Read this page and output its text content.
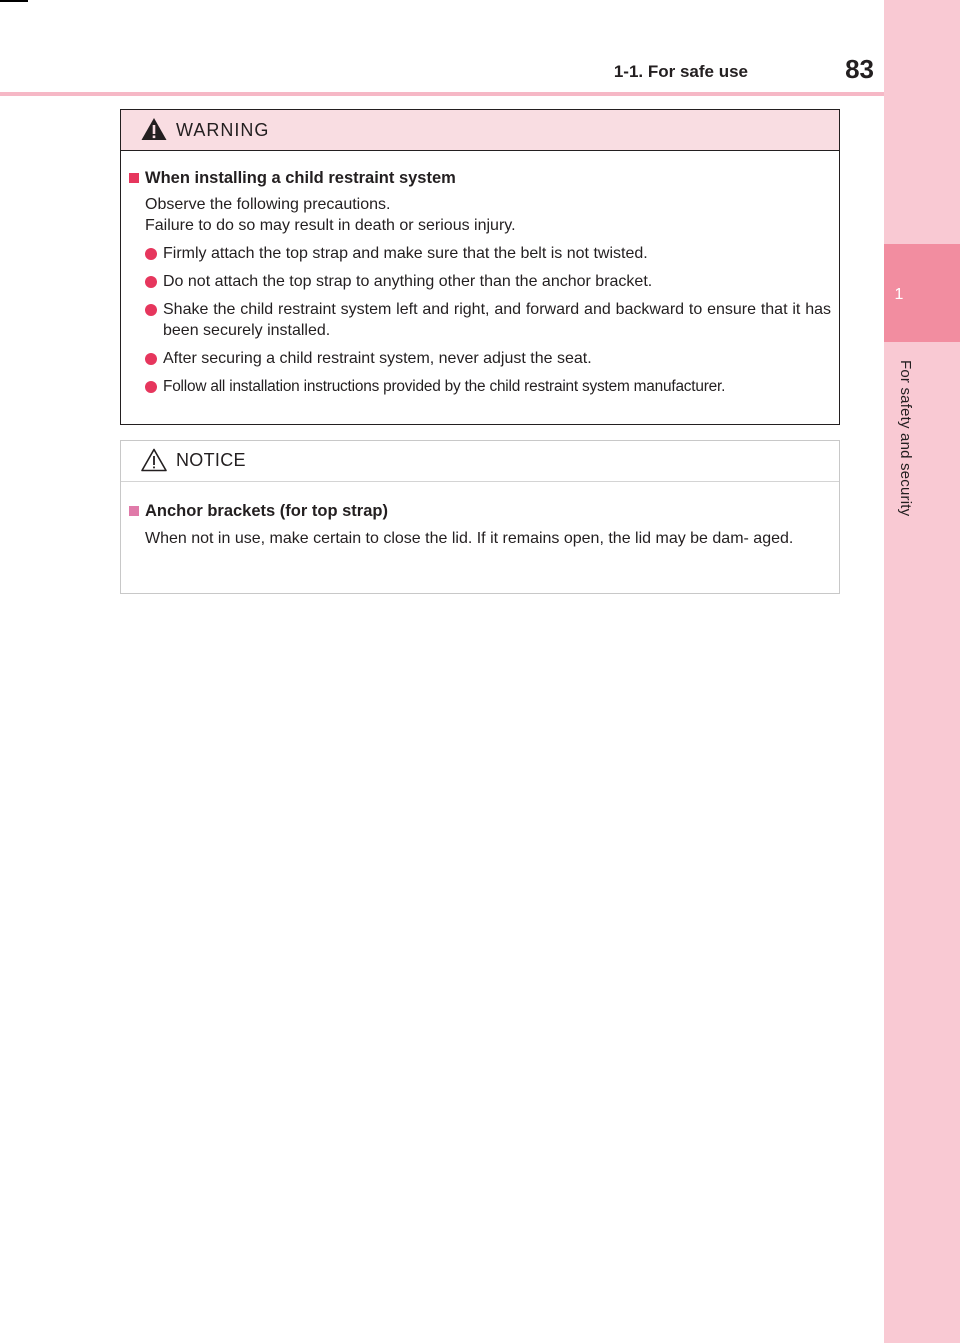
1
For safety and security
1-1. For safe use	83
WARNING
When installing a child restraint system
Observe the following precautions.
Failure to do so may result in death or serious injury.
Firmly attach the top strap and make sure that the belt is not twisted.
Do not attach the top strap to anything other than the anchor bracket.
Shake the child restraint system left and right, and forward and backward to ensure that it has been securely installed.
After securing a child restraint system, never adjust the seat.
Follow all installation instructions provided by the child restraint system manufacturer.
NOTICE
Anchor brackets (for top strap)
When not in use, make certain to close the lid. If it remains open, the lid may be dam- aged.
